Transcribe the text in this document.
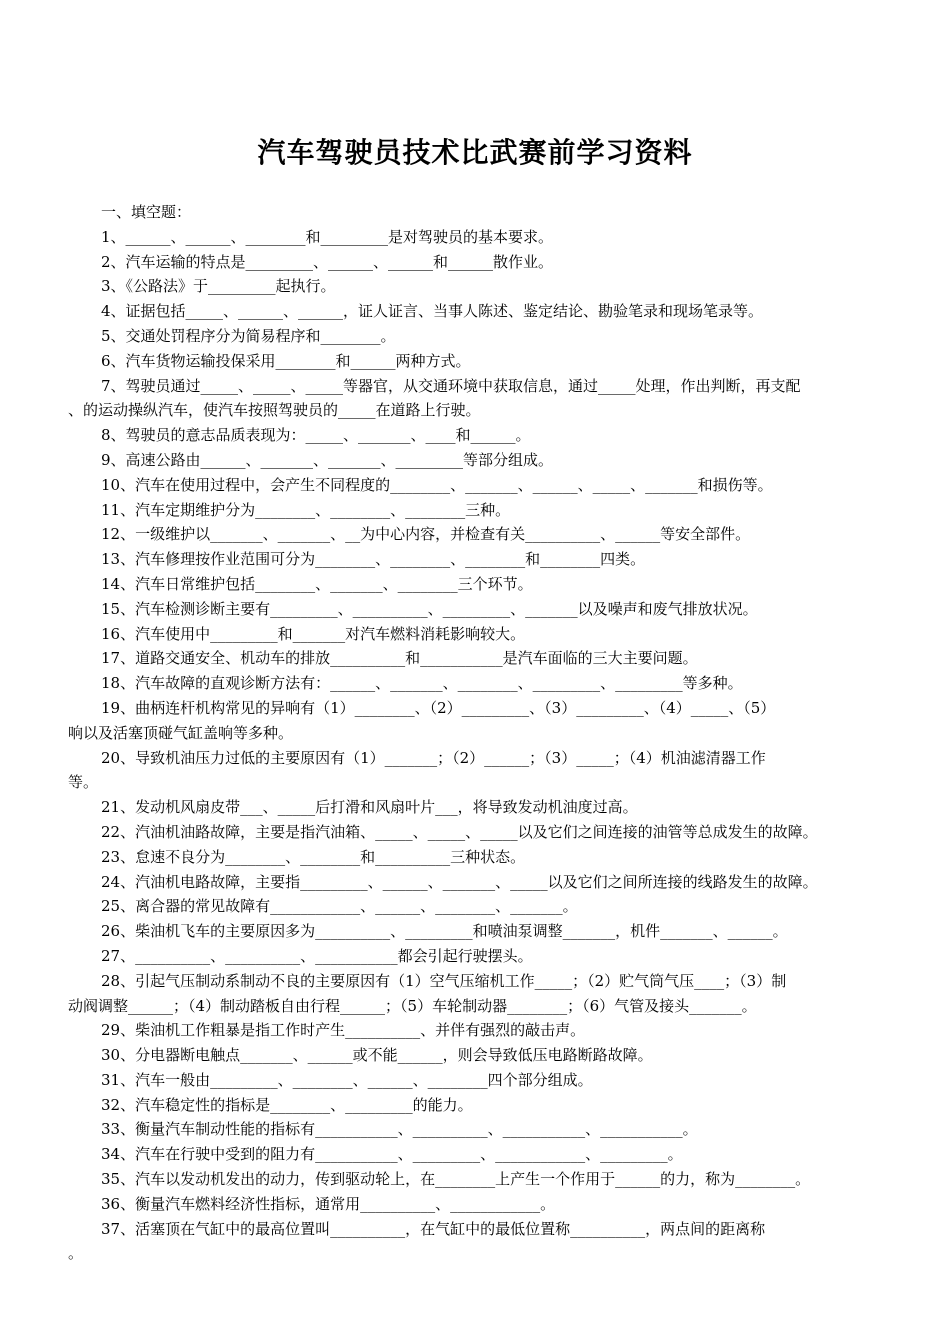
汽车驾驶员技术比武赛前学习资料
一、填空题：
1、______、______、________和_________是对驾驶员的基本要求。
2、汽车运输的特点是_________、______、______和______散作业。
3、《公路法》于_________起执行。
4、证据包括_____、______、______，证人证言、当事人陈述、鉴定结论、勘验笔录和现场笔录等。
5、交通处罚程序分为简易程序和________。
6、汽车货物运输投保采用________和______两种方式。
7、驾驶员通过_____、_____、_____等器官，从交通环境中获取信息，通过_____处理，作出判断，再支配
、的运动操纵汽车，使汽车按照驾驶员的_____在道路上行驶。
8、驾驶员的意志品质表现为：_____、_______、____和______。
9、高速公路由______、_______、_______、_________等部分组成。
10、汽车在使用过程中，会产生不同程度的________、_______、______、_____、_______和损伤等。
11、汽车定期维护分为________、________、________三种。
12、一级维护以_______、_______、__为中心内容，并检查有关__________、______等安全部件。
13、汽车修理按作业范围可分为________、________、________和________四类。
14、汽车日常维护包括________、_______、________三个环节。
15、汽车检测诊断主要有_________、__________、_________、_______以及噪声和废气排放状况。
16、汽车使用中_________和_______对汽车燃料消耗影响较大。
17、道路交通安全、机动车的排放__________和___________是汽车面临的三大主要问题。
18、汽车故障的直观诊断方法有：______、_______、________、_________、_________等多种。
19、曲柄连杆机构常见的异响有（1）________、（2）_________、（3）_________、（4）_____、（5）
响以及活塞顶碰气缸盖响等多种。
20、导致机油压力过低的主要原因有（1）_______；（2）______；（3）_____；（4）机油滤清器工作
等。
21、发动机风扇皮带___、_____后打滑和风扇叶片___，将导致发动机油度过高。
22、汽油机油路故障，主要是指汽油箱、_____、_____、_____以及它们之间连接的油管等总成发生的故障。
23、怠速不良分为________、________和__________三种状态。
24、汽油机电路故障，主要指_________、______、_______、_____以及它们之间所连接的线路发生的故障。
25、离合器的常见故障有____________、______、________、_______。
26、柴油机飞车的主要原因多为__________、_________和喷油泵调整_______，机件_______、______。
27、__________、__________、___________都会引起行驶摆头。
28、引起气压制动系制动不良的主要原因有（1）空气压缩机工作_____；（2）贮气筒气压____；（3）制
动阀调整______；（4）制动踏板自由行程______；（5）车轮制动器________；（6）气管及接头_______。
29、柴油机工作粗暴是指工作时产生__________、并伴有强烈的敲击声。
30、分电器断电触点_______、______或不能______，则会导致低压电路断路故障。
31、汽车一般由_________、________、______、________四个部分组成。
32、汽车稳定性的指标是________、_________的能力。
33、衡量汽车制动性能的指标有___________、__________、___________、___________。
34、汽车在行驶中受到的阻力有___________、_________、____________、_________。
35、汽车以发动机发出的动力，传到驱动轮上，在________上产生一个作用于______的力，称为________。
36、衡量汽车燃料经济性指标，通常用__________、____________。
37、活塞顶在气缸中的最高位置叫__________，在气缸中的最低位置称__________，两点间的距离称
。
